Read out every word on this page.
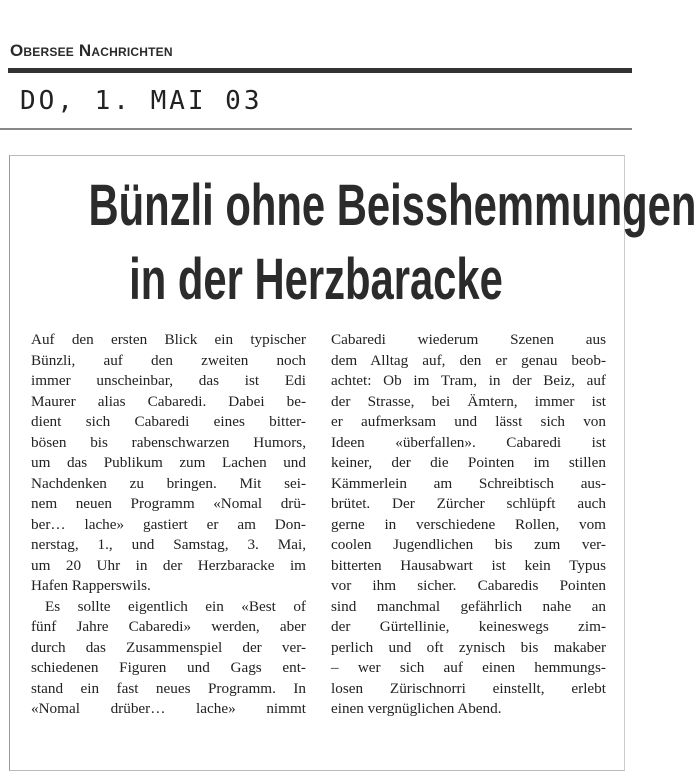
Obersee Nachrichten
DO, 1. MAI 03
Bünzli ohne Beisshemmungen
in der Herzbaracke
Auf den ersten Blick ein typischer
Bünzli, auf den zweiten noch
immer unscheinbar, das ist Edi
Maurer alias Cabaredi. Dabei be-
dient sich Cabaredi eines bitter-
bösen bis rabenschwarzen Humors,
um das Publikum zum Lachen und
Nachdenken zu bringen. Mit sei-
nem neuen Programm «Nomal drü-
ber… lache» gastiert er am Don-
nerstag, 1., und Samstag, 3. Mai,
um 20 Uhr in der Herzbaracke im
Hafen Rapperswils.
Es sollte eigentlich ein «Best of
fünf Jahre Cabaredi» werden, aber
durch das Zusammenspiel der ver-
schiedenen Figuren und Gags ent-
stand ein fast neues Programm. In
«Nomal drüber… lache» nimmt
Cabaredi wiederum Szenen aus
dem Alltag auf, den er genau beob-
achtet: Ob im Tram, in der Beiz, auf
der Strasse, bei Ämtern, immer ist
er aufmerksam und lässt sich von
Ideen «überfallen». Cabaredi ist
keiner, der die Pointen im stillen
Kämmerlein am Schreibtisch aus-
brütet. Der Zürcher schlüpft auch
gerne in verschiedene Rollen, vom
coolen Jugendlichen bis zum ver-
bitterten Hausabwart ist kein Typus
vor ihm sicher. Cabaredis Pointen
sind manchmal gefährlich nahe an
der Gürtellinie, keineswegs zim-
perlich und oft zynisch bis makaber
– wer sich auf einen hemmungs-
losen Zürischnorri einstellt, erlebt
einen vergnüglichen Abend.
